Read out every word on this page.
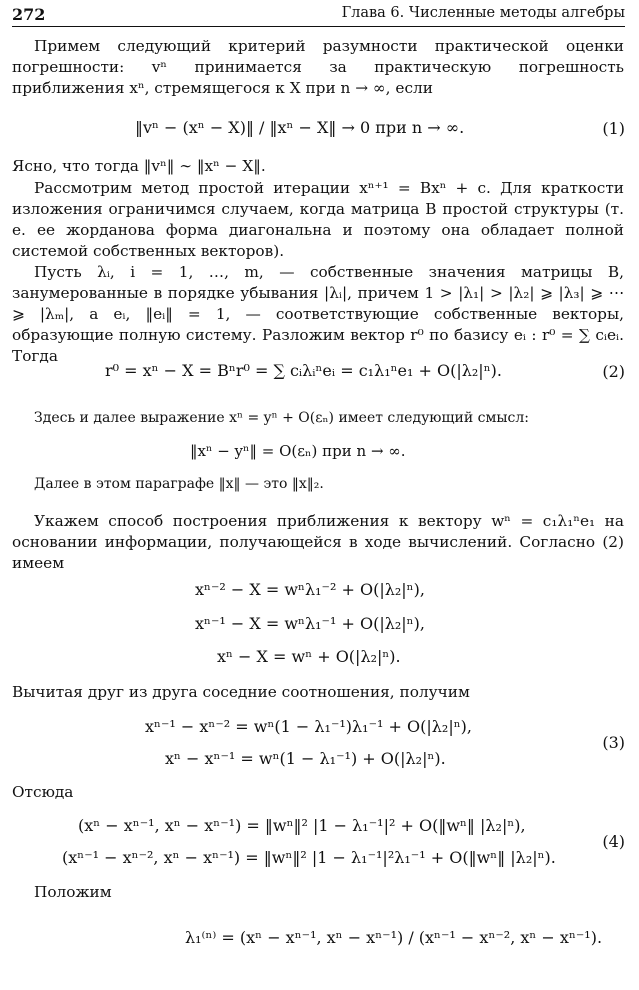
272	Глава 6. Численные методы алгебры
Примем следующий критерий разумности практической оценки погрешности: vⁿ принимается за практическую погрешность приближения xⁿ, стремящегося к X при n → ∞, если
‖vⁿ − (xⁿ − X)‖ / ‖xⁿ − X‖ → 0 при n → ∞.	(1)
Ясно, что тогда ‖vⁿ‖ ∼ ‖xⁿ − X‖.
Рассмотрим метод простой итерации xⁿ⁺¹ = Bxⁿ + c. Для краткости изложения ограничимся случаем, когда матрица B простой структуры (т. е. ее жорданова форма диагональна и поэтому она обладает полной системой собственных векторов).
Пусть λᵢ, i = 1, …, m, — собственные значения матрицы B, занумерованные в порядке убывания |λᵢ|, причем 1 > |λ₁| > |λ₂| ⩾ |λ₃| ⩾ ⋯ ⩾ |λₘ|, а eᵢ, ‖eᵢ‖ = 1, — соответствующие собственные векторы, образующие полную систему. Разложим вектор r⁰ по базису eᵢ : r⁰ = ∑ cᵢeᵢ. Тогда
r⁰ = xⁿ − X = Bⁿr⁰ = ∑ cᵢλᵢⁿeᵢ = c₁λ₁ⁿe₁ + O(|λ₂|ⁿ).	(2)
Здесь и далее выражение xⁿ = yⁿ + O(εₙ) имеет следующий смысл:
‖xⁿ − yⁿ‖ = O(εₙ) при n → ∞.
Далее в этом параграфе ‖x‖ — это ‖x‖₂.
Укажем способ построения приближения к вектору wⁿ = c₁λ₁ⁿe₁ на основании информации, получающейся в ходе вычислений. Согласно (2) имеем
xⁿ⁻² − X = wⁿλ₁⁻² + O(|λ₂|ⁿ),
xⁿ⁻¹ − X = wⁿλ₁⁻¹ + O(|λ₂|ⁿ),
xⁿ − X = wⁿ + O(|λ₂|ⁿ).
Вычитая друг из друга соседние соотношения, получим
xⁿ⁻¹ − xⁿ⁻² = wⁿ(1 − λ₁⁻¹)λ₁⁻¹ + O(|λ₂|ⁿ),
xⁿ − xⁿ⁻¹ = wⁿ(1 − λ₁⁻¹) + O(|λ₂|ⁿ).
(3)
Отсюда
(xⁿ − xⁿ⁻¹, xⁿ − xⁿ⁻¹) = ‖wⁿ‖² |1 − λ₁⁻¹|² + O(‖wⁿ‖ |λ₂|ⁿ),
(xⁿ⁻¹ − xⁿ⁻², xⁿ − xⁿ⁻¹) = ‖wⁿ‖² |1 − λ₁⁻¹|²λ₁⁻¹ + O(‖wⁿ‖ |λ₂|ⁿ).
(4)
Положим
λ₁⁽ⁿ⁾ = (xⁿ − xⁿ⁻¹, xⁿ − xⁿ⁻¹) / (xⁿ⁻¹ − xⁿ⁻², xⁿ − xⁿ⁻¹).
